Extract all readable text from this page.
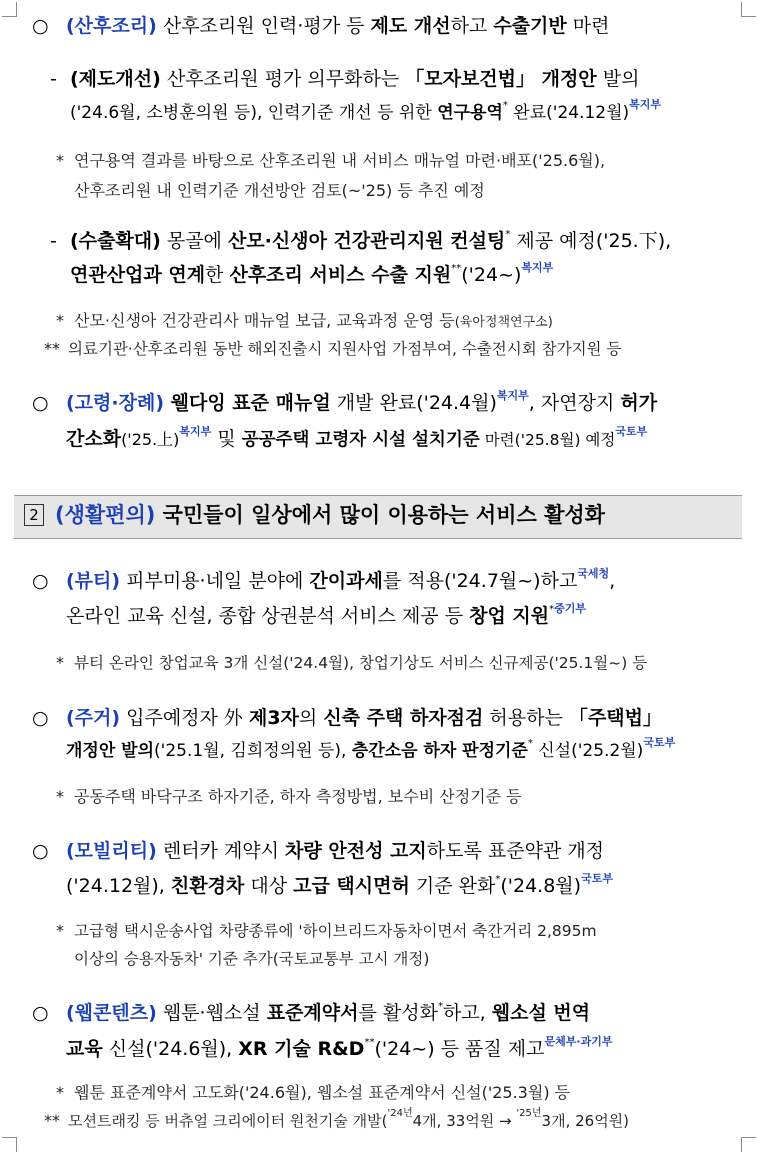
○ (산후조리) 산후조리원 인력·평가 등 제도 개선하고 수출기반 마련
- (제도개선) 산후조리원 평가 의무화하는 「모자보건법」 개정안 발의
('24.6월, 소병훈의원 등), 인력기준 개선 등 위한 연구용역* 완료('24.12월)$^{복지부}$
* 연구용역 결과를 바탕으로 산후조리원 내 서비스 매뉴얼 마련·배포('25.6월),
산후조리원 내 인력기준 개선방안 검토(~'25) 등 추진 예정
- (수출확대) 몽골에 산모·신생아 건강관리지원 컨설팅* 제공 예정('25.下),
연관산업과 연계한 산후조리 서비스 수출 지원**('24~)$^{복지부}$
* 산모·신생아 건강관리사 매뉴얼 보급, 교육과정 운영 등(육아정책연구소)
** 의료기관·산후조리원 동반 해외진출시 지원사업 가점부여, 수출전시회 참가지원 등
○ (고령·장례) 웰다잉 표준 매뉴얼 개발 완료('24.4월)$^{복지부}$, 자연장지 허가
간소화('25.上)$^{복지부}$ 및 공공주택 고령자 시설 설치기준 마련('25.8월) 예정$^{국토부}$
2 (생활편의) 국민들이 일상에서 많이 이용하는 서비스 활성화
○ (뷰티) 피부미용·네일 분야에 간이과세를 적용('24.7월~)하고$^{국세청}$,
온라인 교육 신설, 종합 상권분석 서비스 제공 등 창업 지원$^{*중기부}$
* 뷰티 온라인 창업교육 3개 신설('24.4월), 창업기상도 서비스 신규제공('25.1월~) 등
○ (주거) 입주예정자 外 제3자의 신축 주택 하자점검 허용하는 「주택법」
개정안 발의('25.1월, 김희정의원 등), 층간소음 하자 판정기준* 신설('25.2월)$^{국토부}$
* 공동주택 바닥구조 하자기준, 하자 측정방법, 보수비 산정기준 등
○ (모빌리티) 렌터카 계약시 차량 안전성 고지하도록 표준약관 개정
('24.12월), 친환경차 대상 고급 택시면허 기준 완화*('24.8월)$^{국토부}$
* 고급형 택시운송사업 차량종류에 '하이브리드자동차이면서 축간거리 2,895m
이상의 승용자동차' 기준 추가(국토교통부 고시 개정)
○ (웹콘텐츠) 웹툰·웹소설 표준계약서를 활성화*하고, 웹소설 번역
교육 신설('24.6월), XR 기술 R&D**('24~) 등 품질 제고$^{문체부\cdot 과기부}$
* 웹툰 표준계약서 고도화('24.6월), 웹소설 표준계약서 신설('25.3월) 등
** 모션트래킹 등 버츄얼 크리에이터 원천기술 개발($^{'24년}$4개, 33억원 → $^{'25년}$3개, 26억원)
